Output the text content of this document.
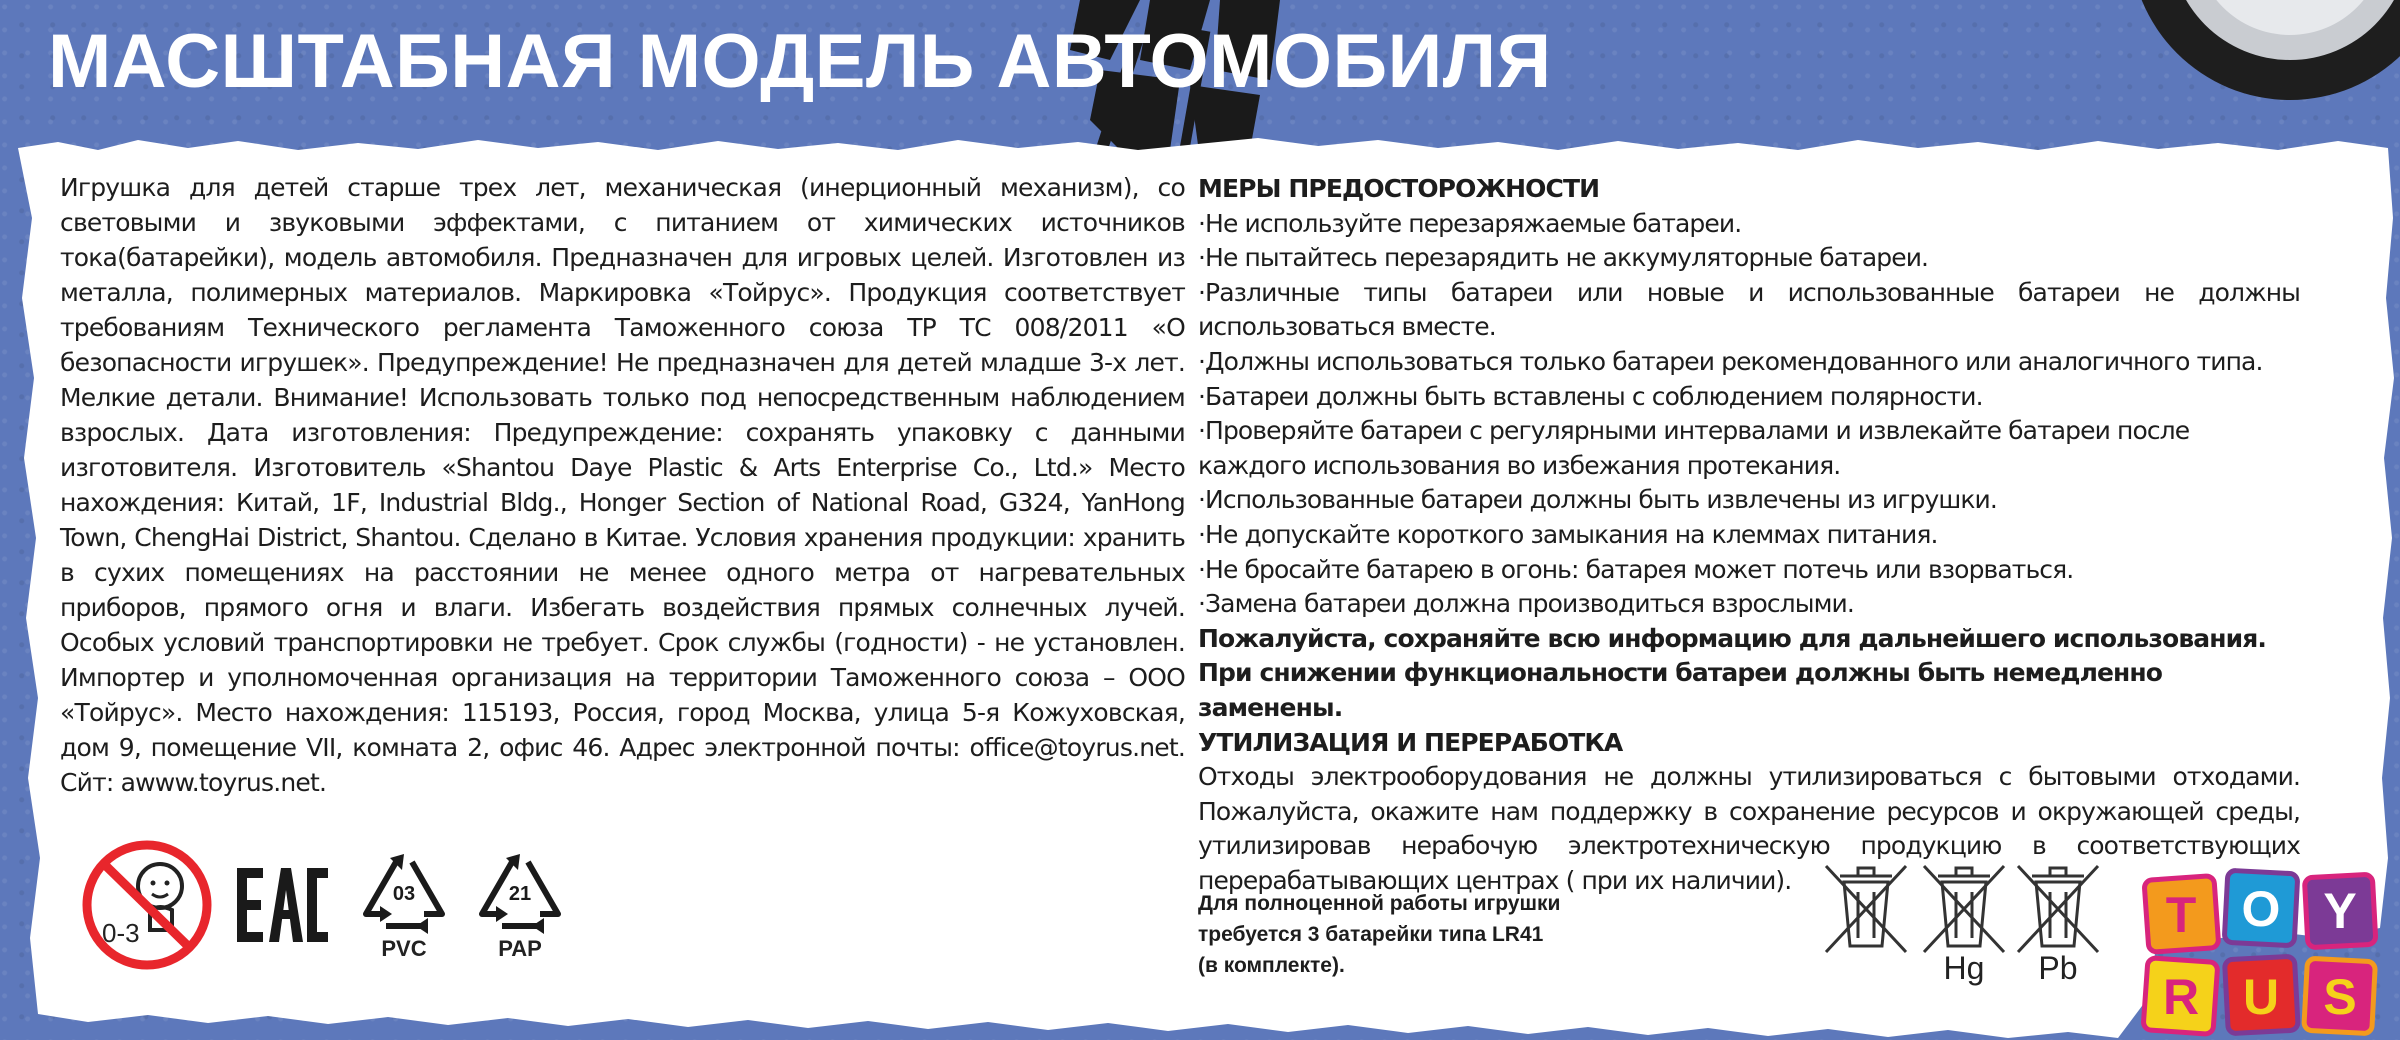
МАСШТАБНАЯ МОДЕЛЬ АВТОМОБИЛЯ
Игрушка для детей старше трех лет, механическая (инерционный механизм), со световыми и звуковыми эффектами, с питанием от химических источников тока(батарейки), модель автомобиля. Предназначен для игровых целей. Изготовлен из металла, полимерных материалов. Маркировка «Тойрус». Продукция соответствует требованиям Технического регламента Таможенного союза ТР ТС 008/2011 «О безопасности игрушек». Предупреждение! Не предназначен для детей младше 3-х лет. Мелкие детали. Внимание! Использовать только под непосредственным наблюдением взрослых. Дата изготовления: Предупреждение: сохранять упаковку с данными изготовителя. Изготовитель «Shantou Daye Plastic & Arts Enterprise Co., Ltd.» Место нахождения: Китай, 1F, Industrial Bldg., Honger Section of National Road, G324, YanHong Town, ChengHai District, Shantou. Сделано в Китае. Условия хранения продукции: хранить в сухих помещениях на расстоянии не менее одного метра от нагревательных приборов, прямого огня и влаги. Избегать воздействия прямых солнечных лучей. Особых условий транспортировки не требует. Срок службы (годности) - не установлен. Импортер и уполномоченная организация на территории Таможенного союза – ООО «Тойрус». Место нахождения: 115193, Россия, город Москва, улица 5-я Кожуховская, дом 9, помещение VII, комната 2, офис 46. Адрес электронной почты: office@toyrus.net. Сйт: awww.toyrus.net.
МЕРЫ ПРЕДОСТОРОЖНОСТИ
·Не используйте перезаряжаемые батареи.
·Не пытайтесь перезарядить не аккумуляторные батареи.
·Различные типы батареи или новые и использованные батареи не должны использоваться вместе.
·Должны использоваться только батареи рекомендованного или аналогичного типа.
·Батареи должны быть вставлены с соблюдением полярности.
·Проверяйте батареи с регулярными интервалами и извлекайте батареи после каждого использования во избежания протекания.
·Использованные батареи должны быть извлечены из игрушки.
·Не допускайте короткого замыкания на клеммах питания.
·Не бросайте батарею в огонь: батарея может потечь или взорваться.
·Замена батареи должна производиться взрослыми.
Пожалуйста, сохраняйте всю информацию для дальнейшего использования.
При снижении функциональности батареи должны быть немедленно заменены.
УТИЛИЗАЦИЯ И ПЕРЕРАБОТКА
Отходы электрооборудования не должны утилизироваться с бытовыми отходами. Пожалуйста, окажите нам поддержку в сохранение ресурсов и окружающей среды, утилизировав нерабочую электротехническую продукцию в соответствующих перерабатывающих центрах ( при их наличии).
Для полноценной работы игрушки
требуется 3 батарейки типа LR41
(в комплекте).
0-3
03
PVC
21
PAP
Hg	Pb
T O Y
R U S
